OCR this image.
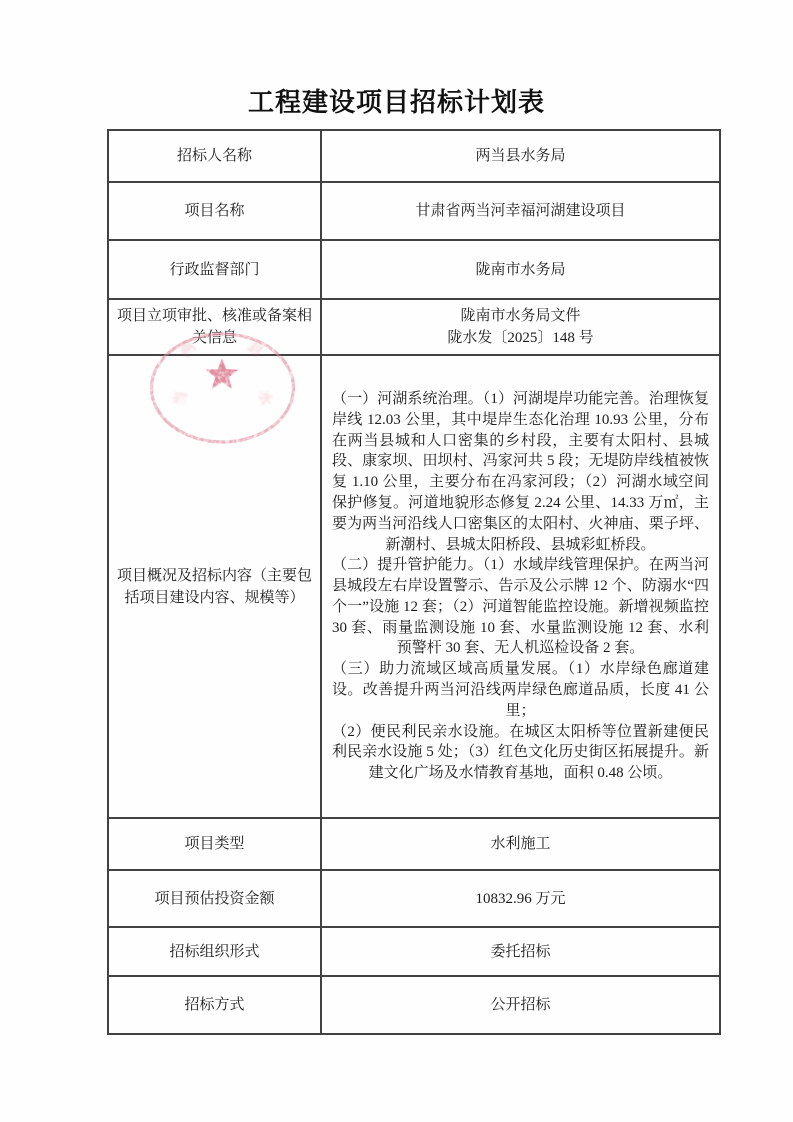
工程建设项目招标计划表
招标人名称	两当县水务局
项目名称	甘肃省两当河幸福河湖建设项目
行政监督部门	陇南市水务局
项目立项审批、核准或备案相关信息	陇南市水务局文件
陇水发〔2025〕148 号

项目概况及招标内容（主要包括项目建设内容、规模等）	（一）河湖系统治理。（1）河湖堤岸功能完善。治理恢复岸线 12.03 公里，其中堤岸生态化治理 10.93 公里，分布在两当县城和人口密集的乡村段，主要有太阳村、县城段、康家坝、田坝村、冯家河共 5 段；无堤防岸线植被恢复 1.10 公里，主要分布在冯家河段；（2）河湖水域空间保护修复。河道地貌形态修复 2.24 公里、14.33 万㎡，主要为两当河沿线人口密集区的太阳村、火神庙、栗子坪、新潮村、县城太阳桥段、县城彩虹桥段。

（二）提升管护能力。（1）水域岸线管理保护。在两当河县城段左右岸设置警示、告示及公示牌 12 个、防溺水“四个一”设施 12 套；（2）河道智能监控设施。新增视频监控 30 套、雨量监测设施 10 套、水量监测设施 12 套、水利预警杆 30 套、无人机巡检设备 2 套。

（三）助力流域区域高质量发展。（1）水岸绿色廊道建设。改善提升两当河沿线两岸绿色廊道品质，长度 41 公里；

（2）便民利民亲水设施。在城区太阳桥等位置新建便民利民亲水设施 5 处；（3）红色文化历史街区拓展提升。新建文化广场及水情教育基地，面积 0.48 公顷。

项目类型	水利施工
项目预估投资金额	10832.96 万元
招标组织形式	委托招标
招标方式	公开招标
两
当
县
水
